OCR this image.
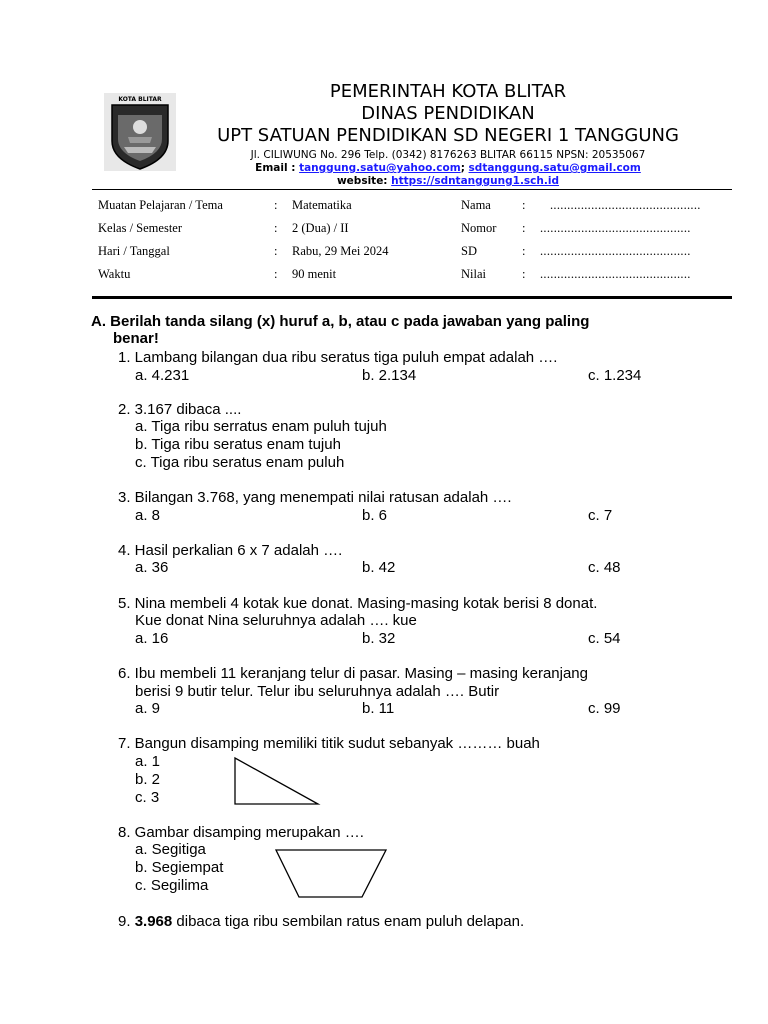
KOTA BLITAR	PEMERINTAH KOTA BLITAR
DINAS PENDIDIKAN
UPT SATUAN PENDIDIKAN SD NEGERI 1 TANGGUNG
Jl. CILIWUNG No. 296 Telp. (0342) 8176263 BLITAR 66115 NPSN: 20535067
Email : tanggung.satu@yahoo.com; sdtanggung.satu@gmail.com
website: https://sdntanggung1.sch.id
Muatan Pelajaran / Tema	: Matematika
Kelas / Semester	: 2 (Dua) / II
Hari / Tanggal	: Rabu, 29 Mei 2024
Waktu	: 90 menit
Nama : ............................................
Nomor : ............................................
SD	: ............................................
Nilai	: ............................................
A. Berilah tanda silang (x) huruf a, b, atau c pada jawaban yang paling
benar!
1. Lambang bilangan dua ribu seratus tiga puluh empat adalah ….
a. 4.231	b. 2.134	c. 1.234
2. 3.167 dibaca ....
a. Tiga ribu serratus enam puluh tujuh
b. Tiga ribu seratus enam tujuh
c. Tiga ribu seratus enam puluh
3. Bilangan 3.768, yang menempati nilai ratusan adalah ….
a. 8	b. 6	c. 7
4. Hasil perkalian 6 x 7 adalah ….
a. 36	b. 42	c. 48
5. Nina membeli 4 kotak kue donat. Masing-masing kotak berisi 8 donat.
Kue donat Nina seluruhnya adalah …. kue
a. 16	b. 32	c. 54
6. Ibu membeli 11 keranjang telur di pasar. Masing – masing keranjang
berisi 9 butir telur. Telur ibu seluruhnya adalah …. Butir
a. 9	b. 11	c. 99
7. Bangun disamping memiliki titik sudut sebanyak ……… buah
a. 1
b. 2
c. 3
8. Gambar disamping merupakan ….
a. Segitiga
b. Segiempat
c. Segilima
9. 3.968 dibaca tiga ribu sembilan ratus enam puluh delapan.
